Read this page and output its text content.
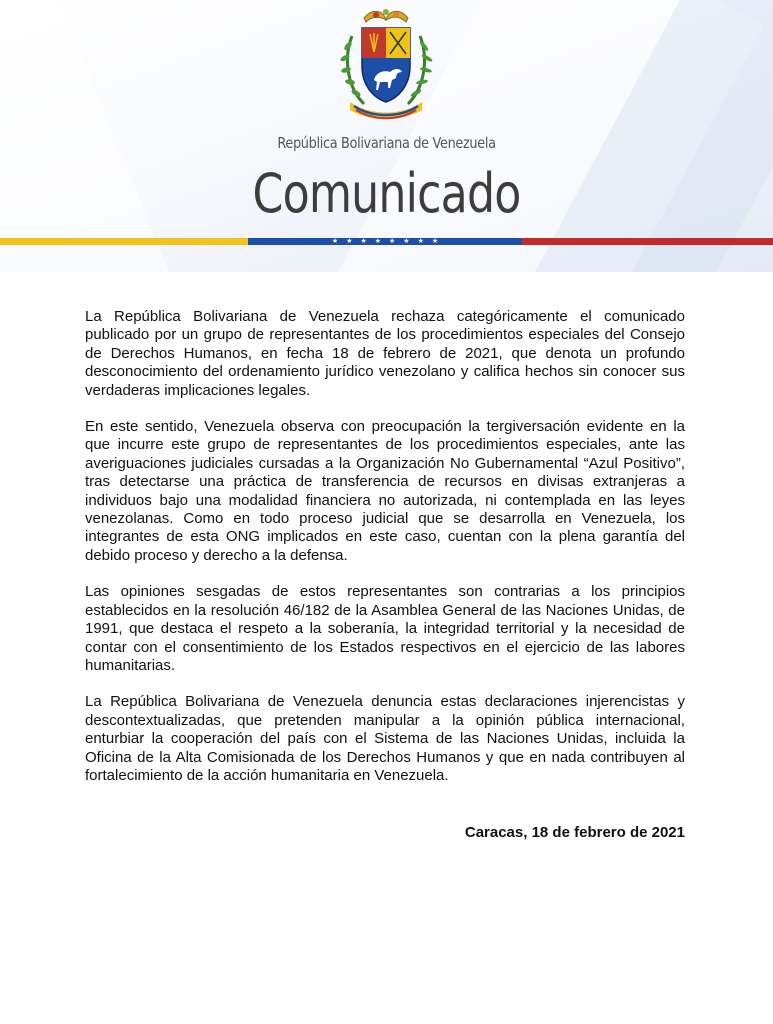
República Bolivariana de Venezuela
Comunicado
★ ★ ★ ★ ★ ★ ★ ★

La República Bolivariana de Venezuela rechaza categóricamente el comunicado publicado por un grupo de representantes de los procedimientos especiales del Consejo de Derechos Humanos, en fecha 18 de febrero de 2021, que denota un profundo desconocimiento del ordenamiento jurídico venezolano y califica hechos sin conocer sus verdaderas implicaciones legales.

En este sentido, Venezuela observa con preocupación la tergiversación evidente en la que incurre este grupo de representantes de los procedimientos especiales, ante las averiguaciones judiciales cursadas a la Organización No Gubernamental “Azul Positivo”, tras detectarse una práctica de transferencia de recursos en divisas extranjeras a individuos bajo una modalidad financiera no autorizada, ni contemplada en las leyes venezolanas. Como en todo proceso judicial que se desarrolla en Venezuela, los integrantes de esta ONG implicados en este caso, cuentan con la plena garantía del debido proceso y derecho a la defensa.

Las opiniones sesgadas de estos representantes son contrarias a los principios establecidos en la resolución 46/182 de la Asamblea General de las Naciones Unidas, de 1991, que destaca el respeto a la soberanía, la integridad territorial y la necesidad de contar con el consentimiento de los Estados respectivos en el ejercicio de las labores humanitarias.

La República Bolivariana de Venezuela denuncia estas declaraciones injerencistas y descontextualizadas, que pretenden manipular a la opinión pública internacional, enturbiar la cooperación del país con el Sistema de las Naciones Unidas, incluida la Oficina de la Alta Comisionada de los Derechos Humanos y que en nada contribuyen al fortalecimiento de la acción humanitaria en Venezuela.

Caracas, 18 de febrero de 2021
